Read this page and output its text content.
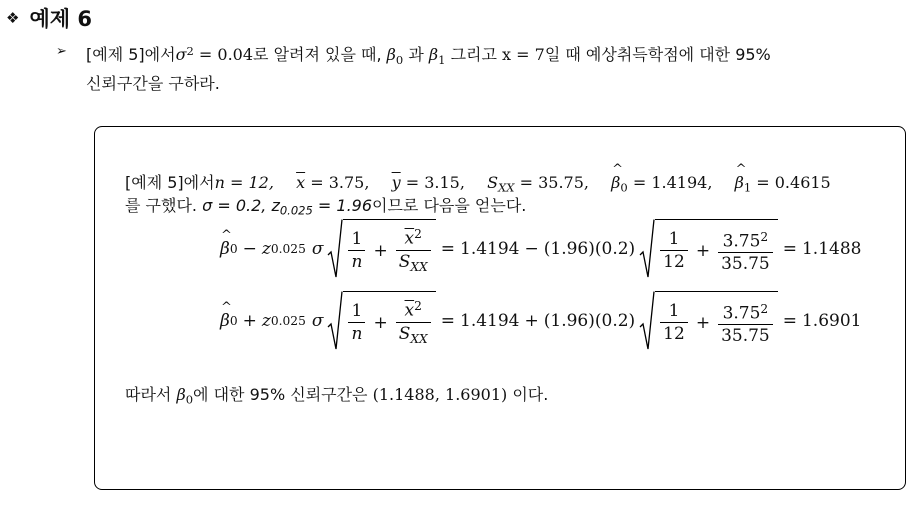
❖ 예제 6
➢	[예제 5]에서$\sigma^2 = 0.04$로 알려져 있을 때, $\beta_0$ 과 $\beta_1$ 그리고 x = 7일 때 예상취득학점에 대한 95%
신뢰구간을 구하라.
[예제 5]에서n = 12, $\overline{x} = 3.75$, $\overline{y} = 3.15$, $S_{XX} = 35.75$, ^ $\beta_0 = 1.4194$, ^ $\beta_1 = 0.4615$
를 구했다. σ = 0.2, $z_{0.025} = 1.96$이므로 다음을 얻는다.
^ β 0 − z 0.025 σ $\frac{1}{n} + \frac{\overline{x}^2}{S_{XX}} = 1.4194 - (1.96)(0.2) \frac{1}{12} + \frac{3.75^2}{35.75} = 1.1488$
^ β 0 + z 0.025 σ $\frac{1}{n} + \frac{\overline{x}^2}{S_{XX}} = 1.4194 + (1.96)(0.2) \frac{1}{12} + \frac{3.75^2}{35.75} = 1.6901$
따라서 $\beta_0$에 대한 95% 신뢰구간은 (1.1488, 1.6901) 이다.
